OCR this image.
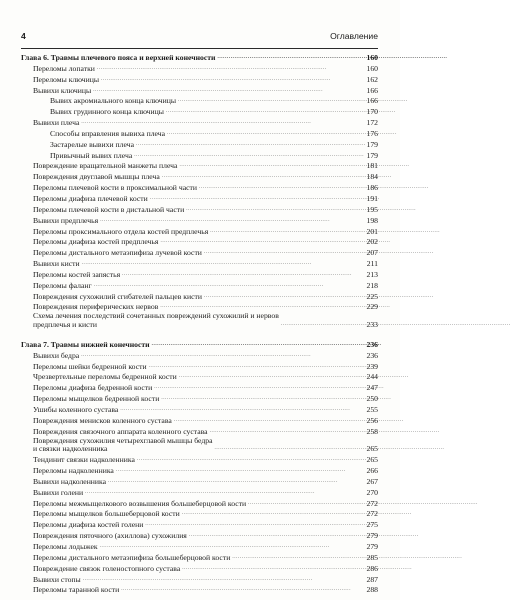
4	Оглавление
Глава 6. Травмы плечевого пояса и верхней конечности . . .	160
Переломы лопатки . . .	160
Переломы ключицы . . .	162
Вывихи ключицы . . .	166
Вывих акромиального конца ключицы . . .	166
Вывих грудинного конца ключицы . . .	170
Вывихи плеча . . .	172
Способы вправления вывиха плеча . . .	176
Застарелые вывихи плеча . . .	179
Привычный вывих плеча . . .	179
Повреждение вращательной манжеты плеча . . .	181
Повреждения двуглавой мышцы плеча . . .	184
Переломы плечевой кости в проксимальной части . . .	186
Переломы диафиза плечевой кости . . .	191
Переломы плечевой кости в дистальной части . . .	195
Вывихи предплечья . . .	198
Переломы проксимального отдела костей предплечья . . .	201
Переломы диафиза костей предплечья . . .	202
Переломы дистального метаэпифиза лучевой кости . . .	207
Вывихи кисти . . .	211
Переломы костей запястья . . .	213
Переломы фаланг . . .	218
Повреждения сухожилий сгибателей пальцев кисти . . .	225
Повреждения периферических нервов . . .	229
Схема лечения последствий сочетанных повреждений сухожилий и нервов
предплечья и кисти . . .	233
Глава 7. Травмы нижней конечности . . .	236
Вывихи бедра . . .	236
Переломы шейки бедренной кости . . .	239
Чрезвертельные переломы бедренной кости . . .	244
Переломы диафиза бедренной кости . . .	247
Переломы мыщелков бедренной кости . . .	250
Ушибы коленного сустава . . .	255
Повреждения менисков коленного сустава . . .	256
Повреждения связочного аппарата коленного сустава . . .	258
Повреждения сухожилия четырехглавой мышцы бедра
и связки надколенника . . .	265
Тендинит связки надколенника . . .	265
Переломы надколенника . . .	266
Вывихи надколенника . . .	267
Вывихи голени . . .	270
Переломы межмыщелкового возвышения большеберцовой кости . . .	272
Переломы мыщелков большеберцовой кости . . .	272
Переломы диафиза костей голени . . .	275
Повреждения пяточного (ахиллова) сухожилия . . .	279
Переломы лодыжек . . .	279
Переломы дистального метаэпифиза большеберцовой кости . . .	285
Повреждение связок голеностопного сустава . . .	286
Вывихи стопы . . .	287
Переломы таранной кости . . .	288
